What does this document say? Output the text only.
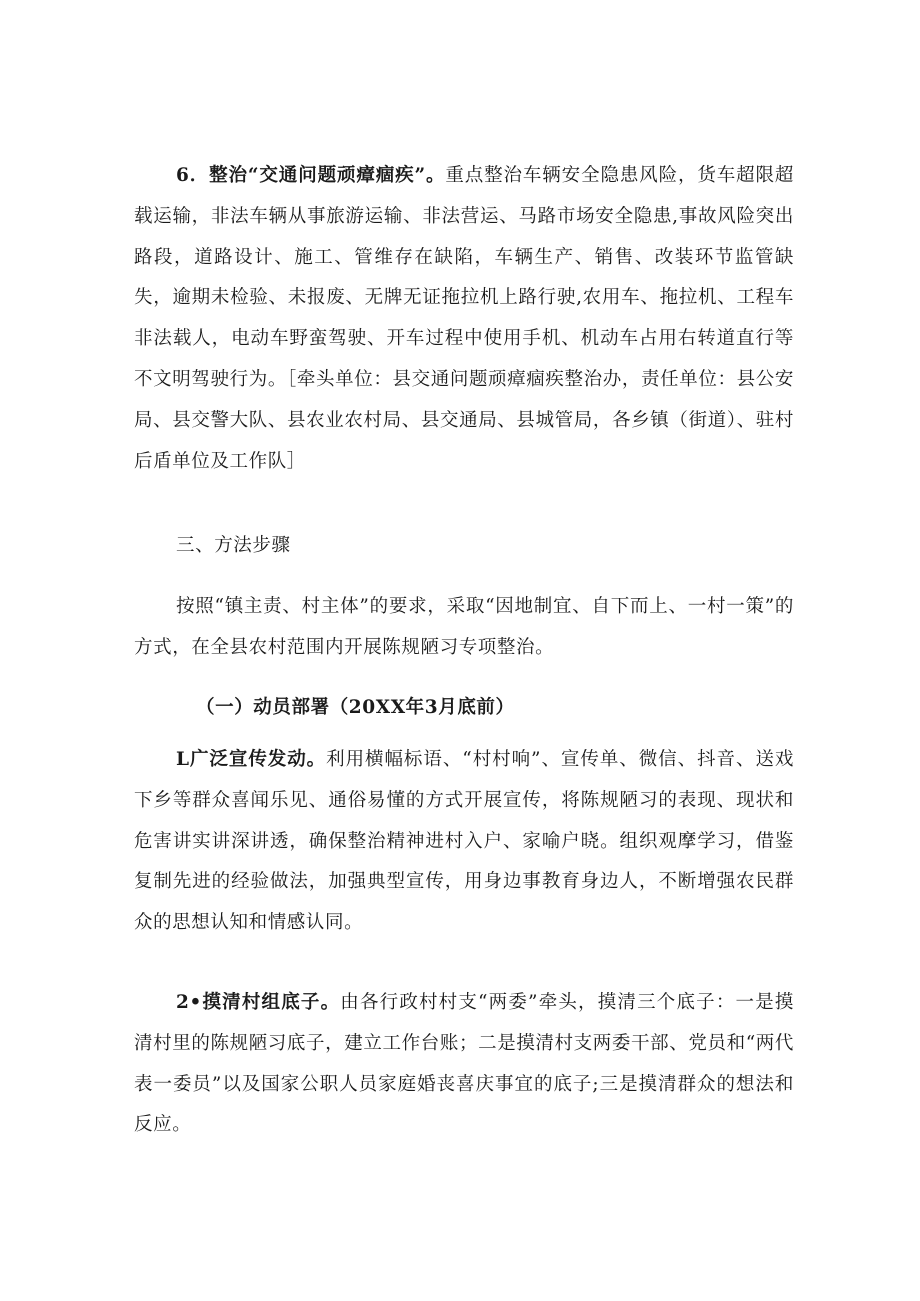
6．整治“交通问题顽瘴痼疾”。重点整治车辆安全隐患风险，货车超限超载运输，非法车辆从事旅游运输、非法营运、马路市场安全隐患,事故风险突出路段，道路设计、施工、管维存在缺陷，车辆生产、销售、改装环节监管缺失，逾期未检验、未报废、无牌无证拖拉机上路行驶,农用车、拖拉机、工程车非法载人，电动车野蛮驾驶、开车过程中使用手机、机动车占用右转道直行等不文明驾驶行为。［牵头单位：县交通问题顽瘴痼疾整治办，责任单位：县公安局、县交警大队、县农业农村局、县交通局、县城管局，各乡镇（街道）、驻村后盾单位及工作队］

三、方法步骤

按照“镇主责、村主体”的要求，采取“因地制宜、自下而上、一村一策”的方式，在全县农村范围内开展陈规陋习专项整治。

（一）动员部署（20XX年3月底前）

L广泛宣传发动。利用横幅标语、“村村响”、宣传单、微信、抖音、送戏下乡等群众喜闻乐见、通俗易懂的方式开展宣传，将陈规陋习的表现、现状和危害讲实讲深讲透，确保整治精神进村入户、家喻户晓。组织观摩学习，借鉴复制先进的经验做法，加强典型宣传，用身边事教育身边人，不断增强农民群众的思想认知和情感认同。

2•摸清村组底子。由各行政村村支“两委”牵头，摸清三个底子：一是摸清村里的陈规陋习底子，建立工作台账；二是摸清村支两委干部、党员和“两代表一委员”以及国家公职人员家庭婚丧喜庆事宜的底子;三是摸清群众的想法和反应。
